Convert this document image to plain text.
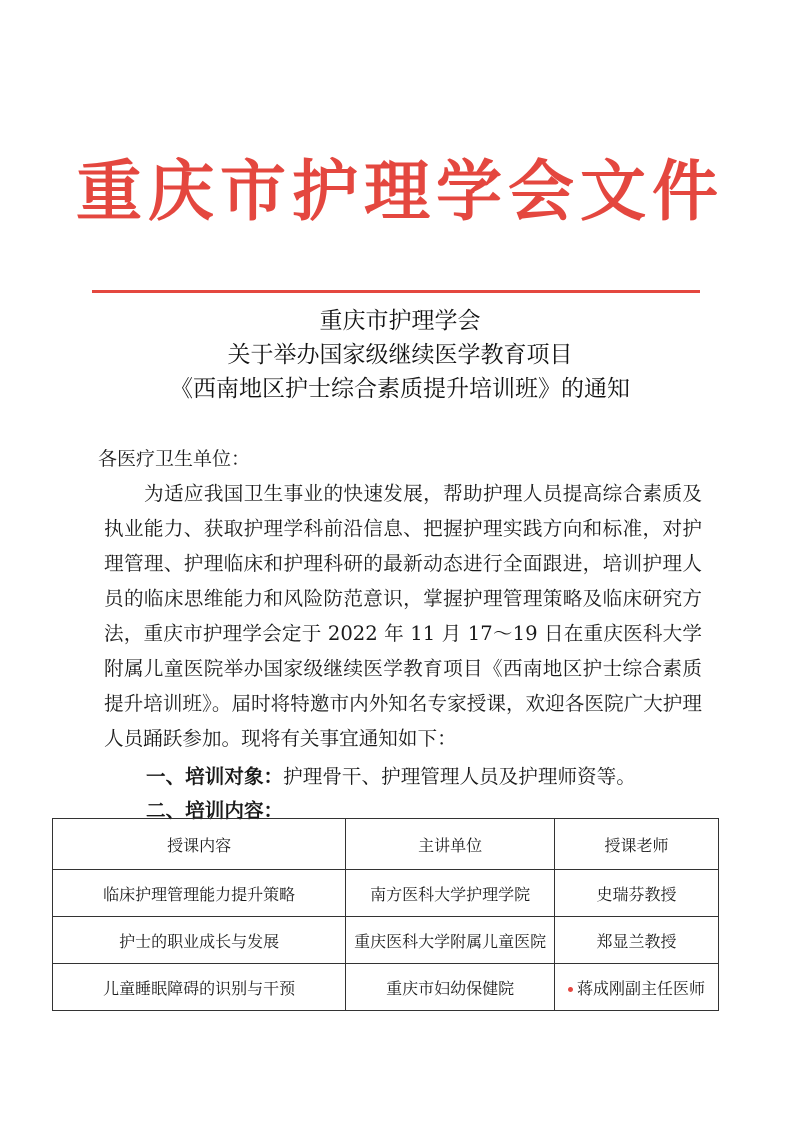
重庆市护理学会文件
重庆市护理学会
关于举办国家级继续医学教育项目
《西南地区护士综合素质提升培训班》的通知
各医疗卫生单位：
为适应我国卫生事业的快速发展，帮助护理人员提高综合素质及执业能力、获取护理学科前沿信息、把握护理实践方向和标准，对护理管理、护理临床和护理科研的最新动态进行全面跟进，培训护理人员的临床思维能力和风险防范意识，掌握护理管理策略及临床研究方法，重庆市护理学会定于 2022 年 11 月 17～19 日在重庆医科大学附属儿童医院举办国家级继续医学教育项目《西南地区护士综合素质提升培训班》。届时将特邀市内外知名专家授课，欢迎各医院广大护理人员踊跃参加。现将有关事宜通知如下：
一、培训对象：护理骨干、护理管理人员及护理师资等。
二、培训内容：
授课内容	主讲单位	授课老师
临床护理管理能力提升策略	南方医科大学护理学院	史瑞芬教授
护士的职业成长与发展	重庆医科大学附属儿童医院	郑显兰教授
儿童睡眠障碍的识别与干预	重庆市妇幼保健院	蒋成刚副主任医师
